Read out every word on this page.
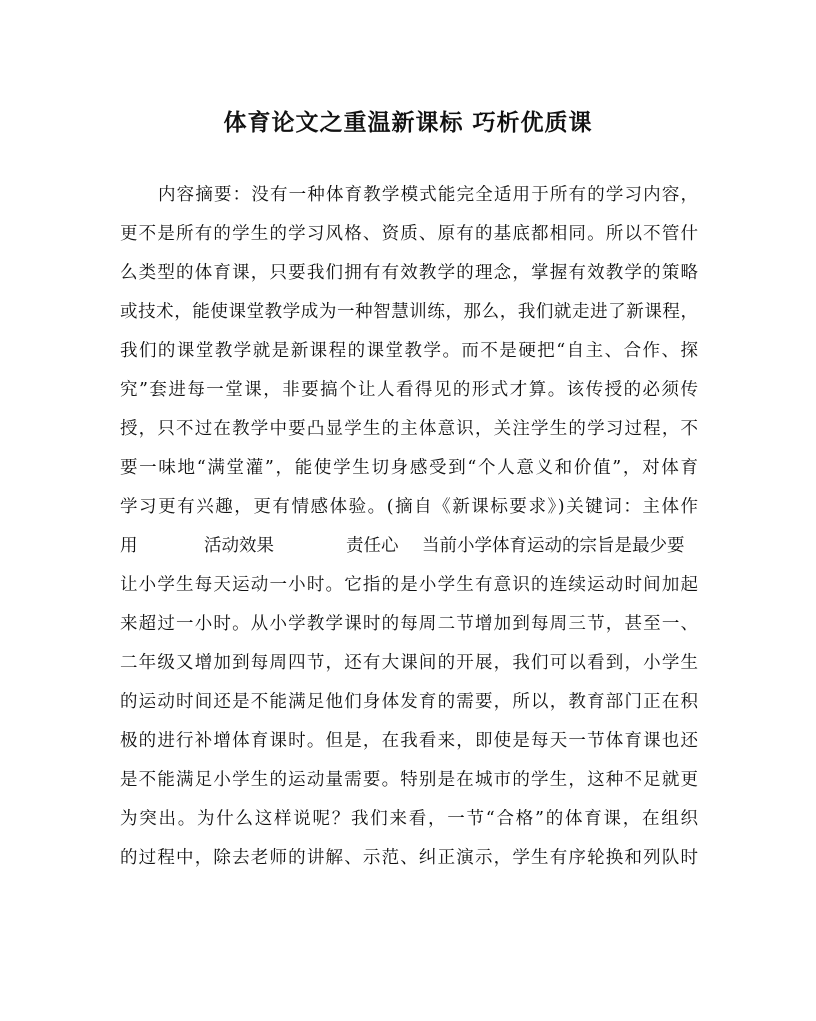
体育论文之重温新课标 巧析优质课
内容摘要：没有一种体育教学模式能完全适用于所有的学习内容，
更不是所有的学生的学习风格、资质、原有的基底都相同。所以不管什
么类型的体育课，只要我们拥有有效教学的理念，掌握有效教学的策略
或技术，能使课堂教学成为一种智慧训练，那么，我们就走进了新课程，
我们的课堂教学就是新课程的课堂教学。而不是硬把“自主、合作、探
究”套进每一堂课，非要搞个让人看得见的形式才算。该传授的必须传
授，只不过在教学中要凸显学生的主体意识，关注学生的学习过程，不
要一味地“满堂灌”，能使学生切身感受到“个人意义和价值”，对体育
学习更有兴趣，更有情感体验。(摘自《新课标要求》)关键词：主体作
用	活动效果	责任心 当前小学体育运动的宗旨是最少要
让小学生每天运动一小时。它指的是小学生有意识的连续运动时间加起
来超过一小时。从小学教学课时的每周二节增加到每周三节，甚至一、
二年级又增加到每周四节，还有大课间的开展，我们可以看到，小学生
的运动时间还是不能满足他们身体发育的需要，所以，教育部门正在积
极的进行补增体育课时。但是，在我看来，即使是每天一节体育课也还
是不能满足小学生的运动量需要。特别是在城市的学生，这种不足就更
为突出。为什么这样说呢？我们来看，一节“合格”的体育课，在组织
的过程中，除去老师的讲解、示范、纠正演示，学生有序轮换和列队时
